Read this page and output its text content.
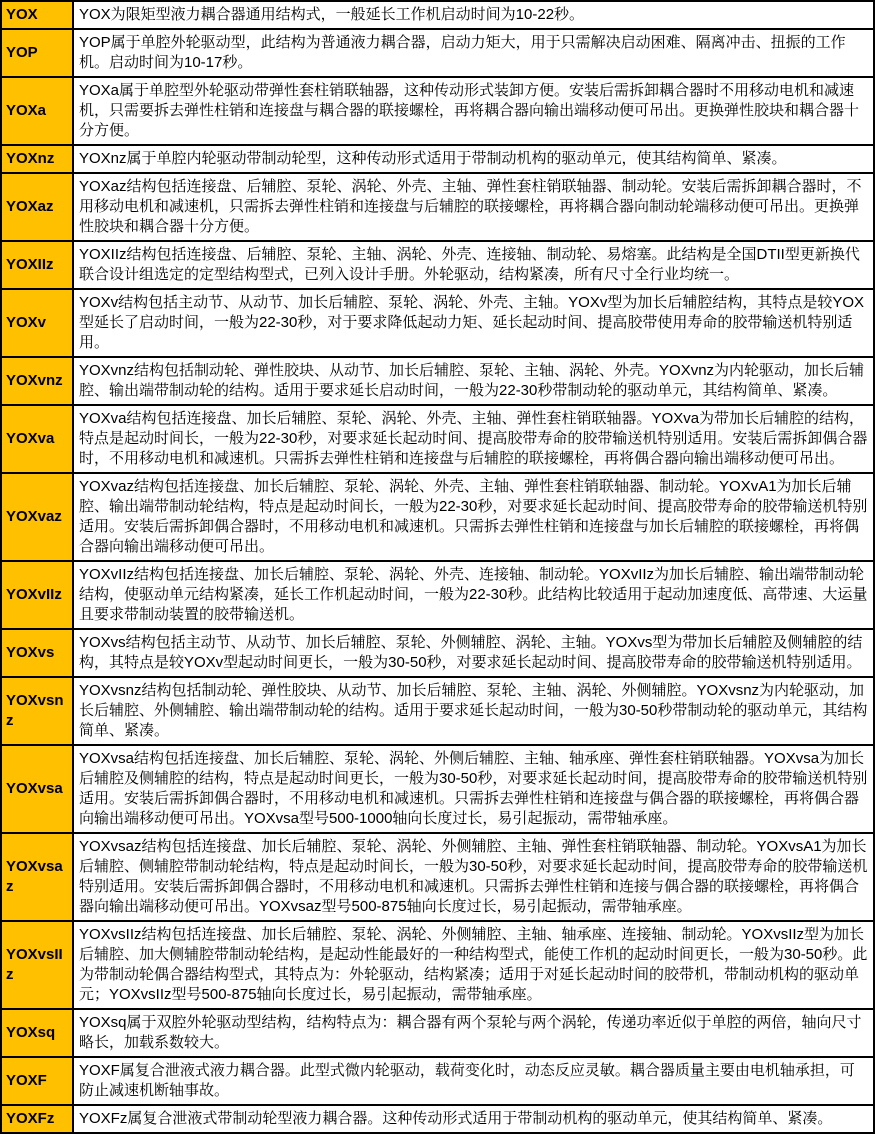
YOX	YOX为限矩型液力耦合器通用结构式，一般延长工作机启动时间为10-22秒。
YOP	YOP属于单腔外轮驱动型，此结构为普通液力耦合器，启动力矩大，用于只需解决启动困难、隔离冲击、扭振的工作机。启动时间为10-17秒。
YOXa	YOXa属于单腔型外轮驱动带弹性套柱销联轴器，这种传动形式装卸方便。安装后需拆卸耦合器时不用移动电机和减速机，只需要拆去弹性柱销和连接盘与耦合器的联接螺栓，再将耦合器向输出端移动便可吊出。更换弹性胶块和耦合器十分方便。
YOXnz	YOXnz属于单腔内轮驱动带制动轮型，这种传动形式适用于带制动机构的驱动单元，使其结构简单、紧凑。
YOXaz	YOXaz结构包括连接盘、后辅腔、泵轮、涡轮、外壳、主轴、弹性套柱销联轴器、制动轮。安装后需拆卸耦合器时，不用移动电机和减速机，只需拆去弹性柱销和连接盘与后辅腔的联接螺栓，再将耦合器向制动轮端移动便可吊出。更换弹性胶块和耦合器十分方便。
YOXIIz	YOXIIz结构包括连接盘、后辅腔、泵轮、主轴、涡轮、外壳、连接轴、制动轮、易熔塞。此结构是全国DTII型更新换代联合设计组选定的定型结构型式，已列入设计手册。外轮驱动，结构紧凑，所有尺寸全行业均统一。
YOXv	YOXv结构包括主动节、从动节、加长后辅腔、泵轮、涡轮、外壳、主轴。YOXv型为加长后辅腔结构，其特点是较YOX型延长了启动时间，一般为22-30秒，对于要求降低起动力矩、延长起动时间、提高胶带使用寿命的胶带输送机特别适用。
YOXvnz	YOXvnz结构包括制动轮、弹性胶块、从动节、加长后辅腔、泵轮、主轴、涡轮、外壳。YOXvnz为内轮驱动，加长后辅腔、输出端带制动轮的结构。适用于要求延长启动时间，一般为22-30秒带制动轮的驱动单元，其结构简单、紧凑。
YOXva	YOXva结构包括连接盘、加长后辅腔、泵轮、涡轮、外壳、主轴、弹性套柱销联轴器。YOXva为带加长后辅腔的结构，特点是起动时间长，一般为22-30秒，对要求延长起动时间、提高胶带寿命的胶带输送机特别适用。安装后需拆卸偶合器时，不用移动电机和减速机。只需拆去弹性柱销和连接盘与后辅腔的联接螺栓，再将偶合器向输出端移动便可吊出。
YOXvaz	YOXvaz结构包括连接盘、加长后辅腔、泵轮、涡轮、外壳、主轴、弹性套柱销联轴器、制动轮。YOXvA1为加长后辅腔、输出端带制动轮结构，特点是起动时间长，一般为22-30秒，对要求延长起动时间、提高胶带寿命的胶带输送机特别适用。安装后需拆卸偶合器时，不用移动电机和减速机。只需拆去弹性柱销和连接盘与加长后辅腔的联接螺栓，再将偶合器向输出端移动便可吊出。
YOXvIIz	YOXvIIz结构包括连接盘、加长后辅腔、泵轮、涡轮、外壳、连接轴、制动轮。YOXvIIz为加长后辅腔、输出端带制动轮结构，使驱动单元结构紧凑，延长工作机起动时间，一般为22-30秒。此结构比较适用于起动加速度低、高带速、大运量且要求带制动装置的胶带输送机。
YOXvs	YOXvs结构包括主动节、从动节、加长后辅腔、泵轮、外侧辅腔、涡轮、主轴。YOXvs型为带加长后辅腔及侧辅腔的结构，其特点是较YOXv型起动时间更长，一般为30-50秒，对要求延长起动时间、提高胶带寿命的胶带输送机特别适用。
YOXvsnz	YOXvsnz结构包括制动轮、弹性胶块、从动节、加长后辅腔、泵轮、主轴、涡轮、外侧辅腔。YOXvsnz为内轮驱动，加长后辅腔、外侧辅腔、输出端带制动轮的结构。适用于要求延长起动时间，一般为30-50秒带制动轮的驱动单元，其结构简单、紧凑。
YOXvsa	YOXvsa结构包括连接盘、加长后辅腔、泵轮、涡轮、外侧后辅腔、主轴、轴承座、弹性套柱销联轴器。YOXvsa为加长后辅腔及侧辅腔的结构，特点是起动时间更长，一般为30-50秒，对要求延长起动时间，提高胶带寿命的胶带输送机特别适用。安装后需拆卸偶合器时，不用移动电机和减速机。只需拆去弹性柱销和连接盘与偶合器的联接螺栓，再将偶合器向输出端移动便可吊出。YOXvsa型号500-1000轴向长度过长，易引起振动，需带轴承座。
YOXvsaz	YOXvsaz结构包括连接盘、加长后辅腔、泵轮、涡轮、外侧辅腔、主轴、弹性套柱销联轴器、制动轮。YOXvsA1为加长后辅腔、侧辅腔带制动轮结构，特点是起动时间长，一般为30-50秒，对要求延长起动时间，提高胶带寿命的胶带输送机特别适用。安装后需拆卸偶合器时，不用移动电机和减速机。只需拆去弹性柱销和连接与偶合器的联接螺栓，再将偶合器向输出端移动便可吊出。YOXvsaz型号500-875轴向长度过长，易引起振动，需带轴承座。
YOXvsIIz	YOXvsIIz结构包括连接盘、加长后辅腔、泵轮、涡轮、外侧辅腔、主轴、轴承座、连接轴、制动轮。YOXvsIIz型为加长后辅腔、加大侧辅腔带制动轮结构，是起动性能最好的一种结构型式，能使工作机的起动时间更长，一般为30-50秒。此为带制动轮偶合器结构型式，其特点为：外轮驱动，结构紧凑；适用于对延长起动时间的胶带机，带制动机构的驱动单元；YOXvsIIz型号500-875轴向长度过长，易引起振动，需带轴承座。
YOXsq	YOXsq属于双腔外轮驱动型结构，结构特点为：耦合器有两个泵轮与两个涡轮，传递功率近似于单腔的两倍，轴向尺寸略长，加载系数较大。
YOXF	YOXF属复合泄液式液力耦合器。此型式微内轮驱动，载荷变化时，动态反应灵敏。耦合器质量主要由电机轴承担，可防止减速机断轴事故。
YOXFz	YOXFz属复合泄液式带制动轮型液力耦合器。这种传动形式适用于带制动机构的驱动单元，使其结构简单、紧凑。
